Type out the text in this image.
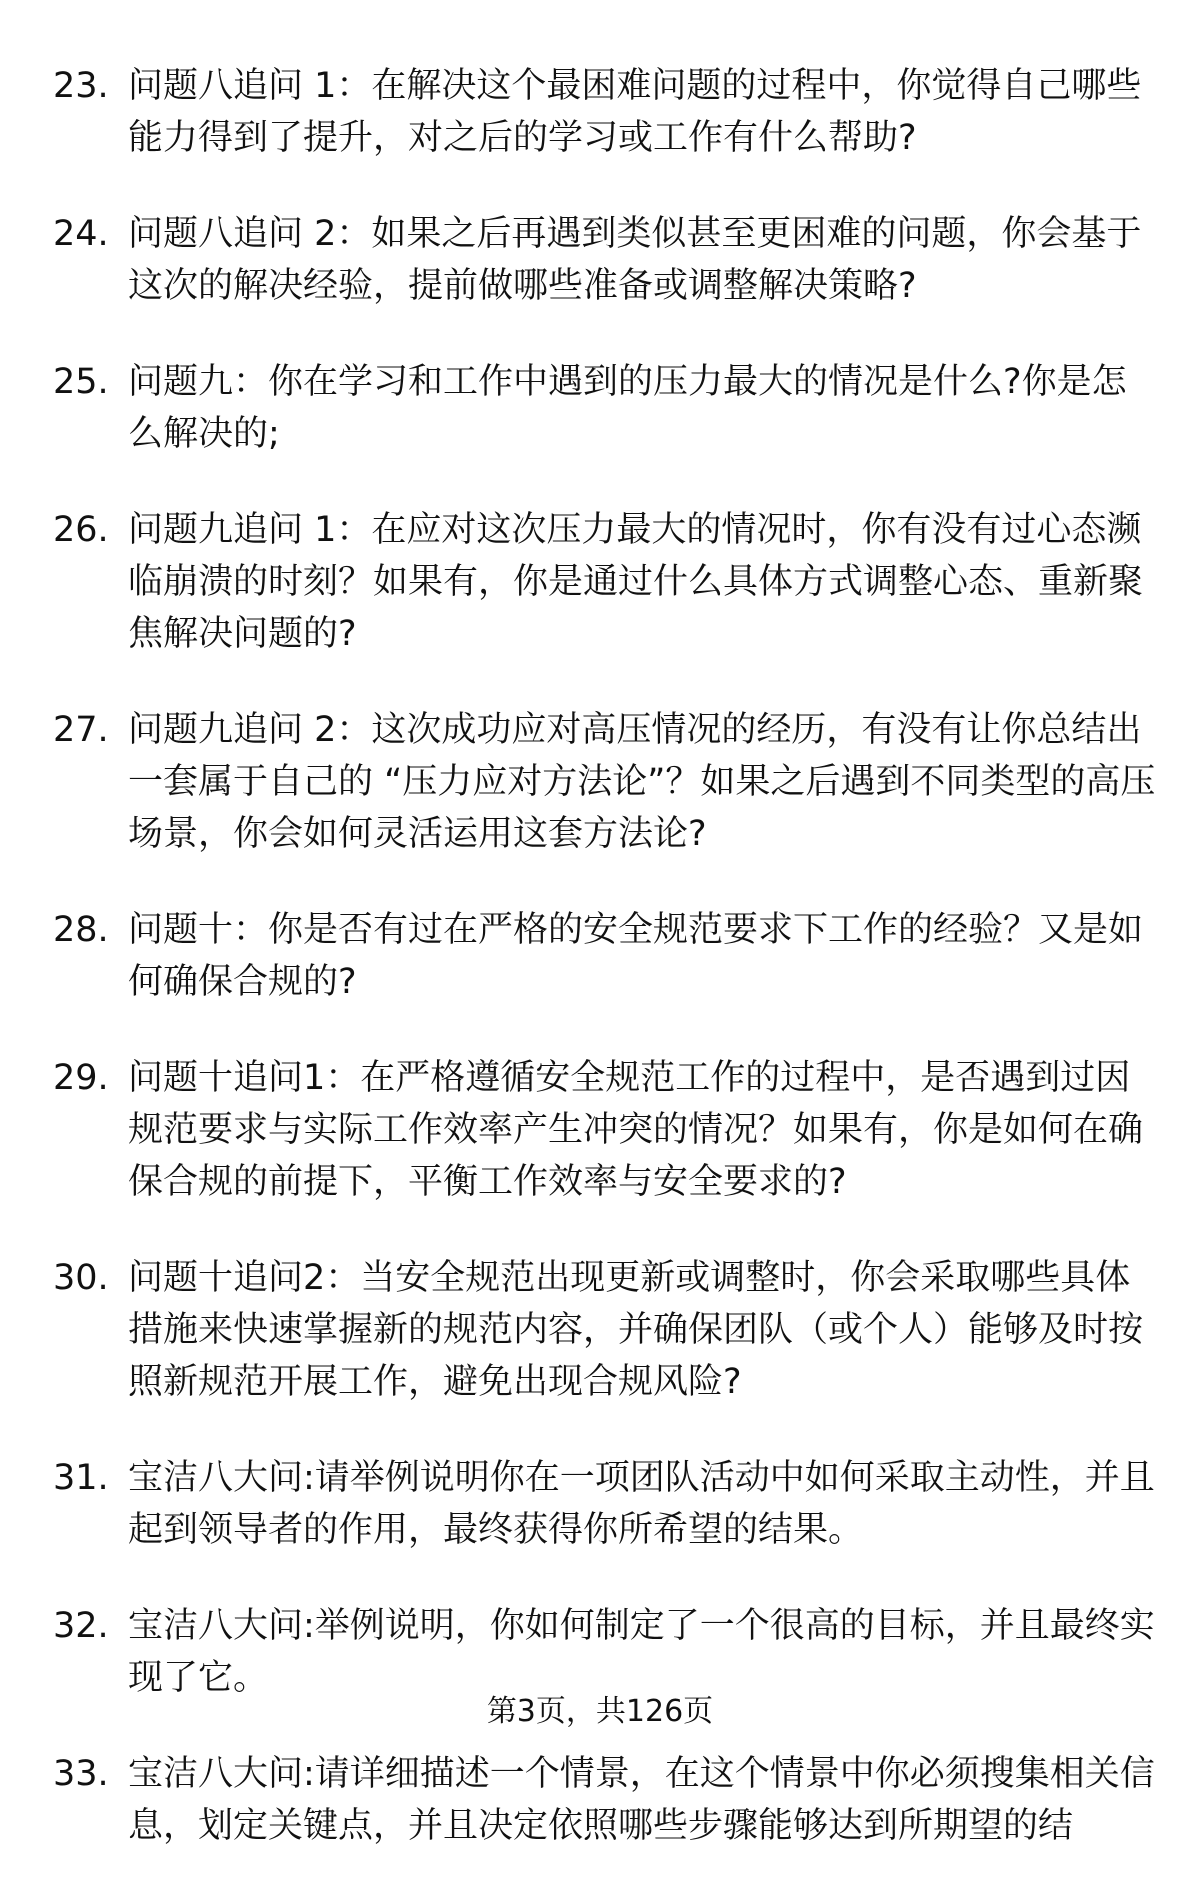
23. 问题八追问 1：在解决这个最困难问题的过程中，你觉得自己哪些能力得到了提升，对之后的学习或工作有什么帮助?
24. 问题八追问 2：如果之后再遇到类似甚至更困难的问题，你会基于这次的解决经验，提前做哪些准备或调整解决策略?
25. 问题九：你在学习和工作中遇到的压力最大的情况是什么?你是怎么解决的;
26. 问题九追问 1：在应对这次压力最大的情况时，你有没有过心态濒临崩溃的时刻？如果有，你是通过什么具体方式调整心态、重新聚焦解决问题的?
27. 问题九追问 2：这次成功应对高压情况的经历，有没有让你总结出一套属于自己的 “压力应对方法论”？如果之后遇到不同类型的高压场景，你会如何灵活运用这套方法论?
28. 问题十：你是否有过在严格的安全规范要求下工作的经验？又是如何确保合规的?
29. 问题十追问1：在严格遵循安全规范工作的过程中，是否遇到过因规范要求与实际工作效率产生冲突的情况？如果有，你是如何在确保合规的前提下，平衡工作效率与安全要求的?
30. 问题十追问2：当安全规范出现更新或调整时，你会采取哪些具体措施来快速掌握新的规范内容，并确保团队（或个人）能够及时按照新规范开展工作，避免出现合规风险?
31. 宝洁八大问:请举例说明你在一项团队活动中如何采取主动性，并且起到领导者的作用，最终获得你所希望的结果。
32. 宝洁八大问:举例说明，你如何制定了一个很高的目标，并且最终实现了它。
33. 宝洁八大问:请详细描述一个情景，在这个情景中你必须搜集相关信息，划定关键点，并且决定依照哪些步骤能够达到所期望的结
第3页，共126页
